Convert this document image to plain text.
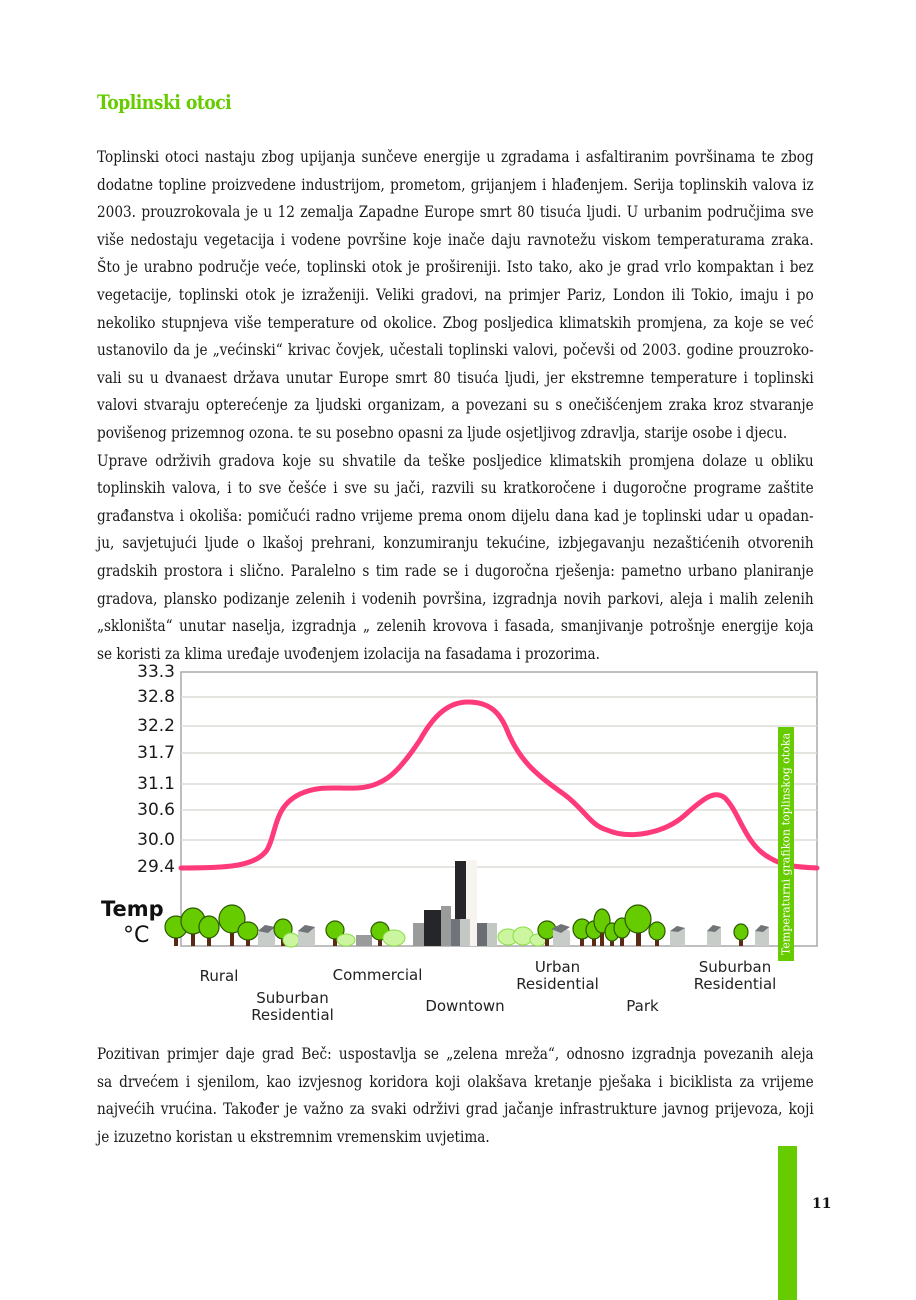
Toplinski otoci
Toplinski otoci nastaju zbog upijanja sunčeve energije u zgradama i asfaltiranim površinama te zbog
dodatne topline proizvedene industrijom, prometom, grijanjem i hlađenjem. Serija toplinskih valova iz
2003. prouzrokovala je u 12 zemalja Zapadne Europe smrt 80 tisuća ljudi. U urbanim područjima sve
više nedostaju vegetacija i vodene površine koje inače daju ravnotežu viskom temperaturama zraka.
Što je urabno područje veće, toplinski otok je prošireniji. Isto tako, ako je grad vrlo kompaktan i bez
vegetacije, toplinski otok je izraženiji. Veliki gradovi, na primjer Pariz, London ili Tokio, imaju i po
nekoliko stupnjeva više temperature od okolice. Zbog posljedica klimatskih promjena, za koje se već
ustanovilo da je „većinski“ krivac čovjek, učestali toplinski valovi, počevši od 2003. godine prouzroko-
vali su u dvanaest država unutar Europe smrt 80 tisuća ljudi, jer ekstremne temperature i toplinski
valovi stvaraju opterećenje za ljudski organizam, a povezani su s onečišćenjem zraka kroz stvaranje
povišenog prizemnog ozona. te su posebno opasni za ljude osjetljivog zdravlja, starije osobe i djecu.
Uprave održivih gradova koje su shvatile da teške posljedice klimatskih promjena dolaze u obliku
toplinskih valova, i to sve češće i sve su jači, razvili su kratkoročene i dugoročne programe zaštite
građanstva i okoliša: pomičući radno vrijeme prema onom dijelu dana kad je toplinski udar u opadan-
ju, savjetujući ljude o lkašoj prehrani, konzumiranju tekućine, izbjegavanju nezaštićenih otvorenih
gradskih prostora i slično. Paralelno s tim rade se i dugoročna rješenja: pametno urbano planiranje
gradova, plansko podizanje zelenih i vodenih površina, izgradnja novih parkovi, aleja i malih zelenih
„skloništa“ unutar naselja, izgradnja „ zelenih krovova i fasada, smanjivanje potrošnje energije koja
se koristi za klima uređaje uvođenjem izolacija na fasadama i prozorima.
33.3
32.8
32.2
31.7
31.1
30.6
30.0
29.4
Temp
°C	Temperaturni grafikon toplinskog otoka
Rural
Suburban
Residential
Commercial
Downtown
Urban
Residential
Park
Suburban
Residential
Pozitivan primjer daje grad Beč: uspostavlja se „zelena mreža“, odnosno izgradnja povezanih aleja
sa drvećem i sjenilom, kao izvjesnog koridora koji olakšava kretanje pješaka i biciklista za vrijeme
najvećih vrućina. Također je važno za svaki održivi grad jačanje infrastrukture javnog prijevoza, koji
je izuzetno koristan u ekstremnim vremenskim uvjetima.
11
